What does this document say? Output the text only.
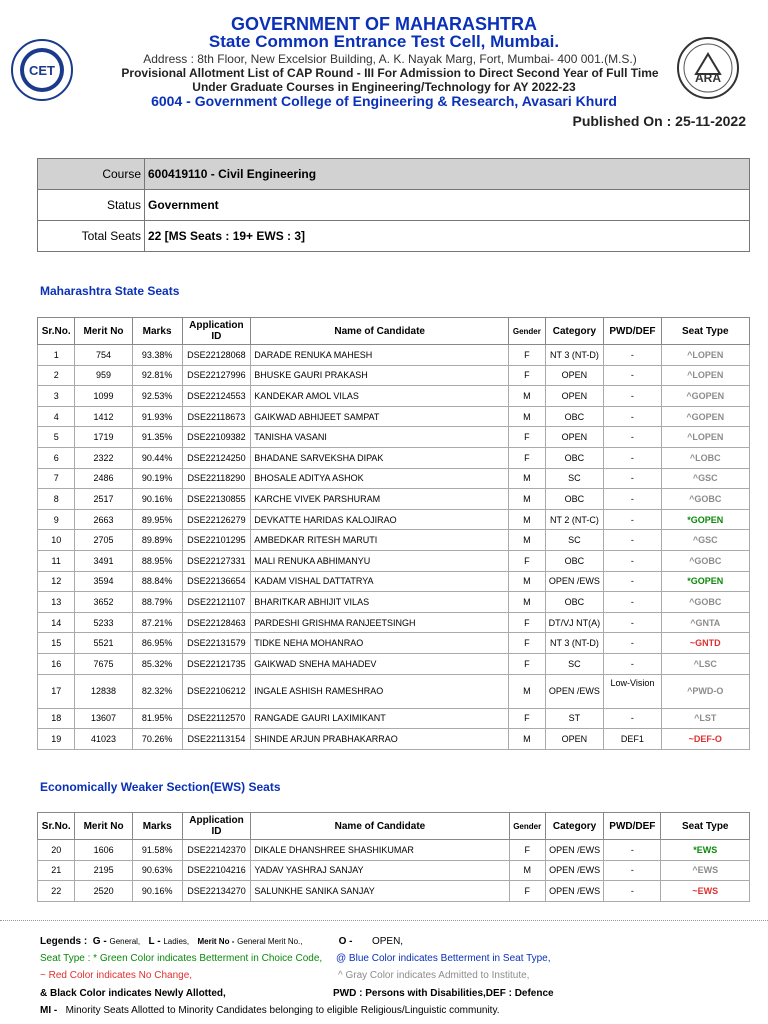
CET	ARA
GOVERNMENT OF MAHARASHTRA
State Common Entrance Test Cell, Mumbai.
Address : 8th Floor, New Excelsior Building, A. K. Nayak Marg, Fort, Mumbai- 400 001.(M.S.)
Provisional Allotment List of CAP Round - III For Admission to Direct Second Year of Full Time
Under Graduate Courses in Engineering/Technology for AY 2022-23
6004 - Government College of Engineering & Research, Avasari Khurd
Published On : 25-11-2022
Course	600419110 - Civil Engineering
Status	Government
Total Seats	22 [MS Seats : 19+ EWS : 3]
Maharashtra State Seats
Sr.No.	Merit No	Marks	Application ID	Name of Candidate	Gender	Category	PWD/DEF	Seat Type
1	754	93.38%	DSE22128068	DARADE RENUKA MAHESH	F	NT 3 (NT-D)	-	^LOPEN
2	959	92.81%	DSE22127996	BHUSKE GAURI PRAKASH	F	OPEN	-	^LOPEN
3	1099	92.53%	DSE22124553	KANDEKAR AMOL VILAS	M	OPEN	-	^GOPEN
4	1412	91.93%	DSE22118673	GAIKWAD ABHIJEET SAMPAT	M	OBC	-	^GOPEN
5	1719	91.35%	DSE22109382	TANISHA VASANI	F	OPEN	-	^LOPEN
6	2322	90.44%	DSE22124250	BHADANE SARVEKSHA DIPAK	F	OBC	-	^LOBC
7	2486	90.19%	DSE22118290	BHOSALE ADITYA ASHOK	M	SC	-	^GSC
8	2517	90.16%	DSE22130855	KARCHE VIVEK PARSHURAM	M	OBC	-	^GOBC
9	2663	89.95%	DSE22126279	DEVKATTE HARIDAS KALOJIRAO	M	NT 2 (NT-C)	-	*GOPEN
10	2705	89.89%	DSE22101295	AMBEDKAR RITESH MARUTI	M	SC	-	^GSC
11	3491	88.95%	DSE22127331	MALI RENUKA ABHIMANYU	F	OBC	-	^GOBC
12	3594	88.84%	DSE22136654	KADAM VISHAL DATTATRYA	M	OPEN /EWS	-	*GOPEN
13	3652	88.79%	DSE22121107	BHARITKAR ABHIJIT VILAS	M	OBC	-	^GOBC
14	5233	87.21%	DSE22128463	PARDESHI GRISHMA RANJEETSINGH	F	DT/VJ NT(A)	-	^GNTA
15	5521	86.95%	DSE22131579	TIDKE NEHA MOHANRAO	F	NT 3 (NT-D)	-	~GNTD
16	7675	85.32%	DSE22121735	GAIKWAD SNEHA MAHADEV	F	SC	-	^LSC
17	12838	82.32%	DSE22106212	INGALE ASHISH RAMESHRAO	M	OPEN /EWS	Low-Vision	^PWD-O
18	13607	81.95%	DSE22112570	RANGADE GAURI LAXIMIKANT	F	ST	-	^LST
19	41023	70.26%	DSE22113154	SHINDE ARJUN PRABHAKARRAO	M	OPEN	DEF1	~DEF-O
Economically Weaker Section(EWS) Seats
Sr.No.	Merit No	Marks	Application ID	Name of Candidate	Gender	Category	PWD/DEF	Seat Type
20	1606	91.58%	DSE22142370	DIKALE DHANSHREE SHASHIKUMAR	F	OPEN /EWS	-	*EWS
21	2195	90.63%	DSE22104216	YADAV YASHRAJ SANJAY	M	OPEN /EWS	-	^EWS
22	2520	90.16%	DSE22134270	SALUNKHE SANIKA SANJAY	F	OPEN /EWS	-	~EWS
Legends : G - General, L - Ladies, Merit No - General Merit No.,	O - OPEN,
Seat Type : * Green Color indicates Betterment in Choice Code, @ Blue Color indicates Betterment in Seat Type,
~ Red Color indicates No Change,	^ Gray Color indicates Admitted to Institute,
& Black Color indicates Newly Allotted,	PWD : Persons with Disabilities,DEF : Defence
MI - Minority Seats Allotted to Minority Candidates belonging to eligible Religious/Linguistic community.
